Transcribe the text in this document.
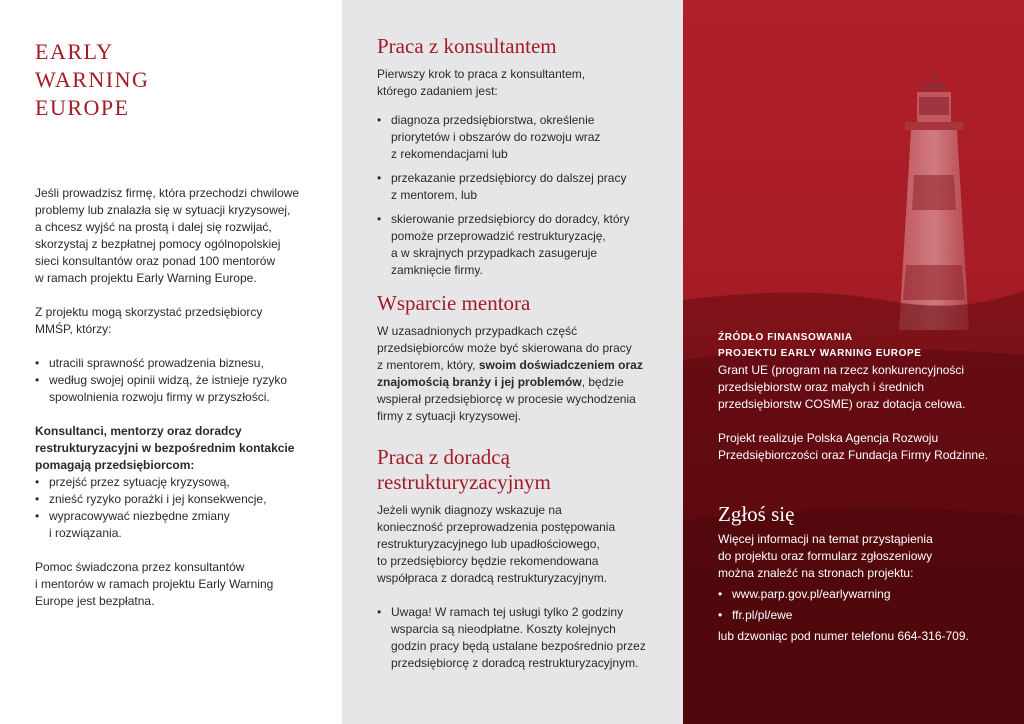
EARLY
WARNING
EUROPE

Jeśli prowadzisz firmę, która przechodzi chwilowe
problemy lub znalazła się w sytuacji kryzysowej,
a chcesz wyjść na prostą i dalej się rozwijać,
skorzystaj z bezpłatnej pomocy ogólnopolskiej
sieci konsultantów oraz ponad 100 mentorów
w ramach projektu Early Warning Europe.

Z projektu mogą skorzystać przedsiębiorcy
MMŚP, którzy:

• utracili sprawność prowadzenia biznesu,
• według swojej opinii widzą, że istnieje ryzyko
spowolnienia rozwoju firmy w przyszłości.

Konsultanci, mentorzy oraz doradcy
restrukturyzacyjni w bezpośrednim kontakcie
pomagają przedsiębiorcom:

• przejść przez sytuację kryzysową,
• znieść ryzyko porażki i jej konsekwencje,
• wypracowywać niezbędne zmiany
i rozwiązania.

Pomoc świadczona przez konsultantów
i mentorów w ramach projektu Early Warning
Europe jest bezpłatna.

Praca z konsultantem

Pierwszy krok to praca z konsultantem,
którego zadaniem jest:

• diagnoza przedsiębiorstwa, określenie
priorytetów i obszarów do rozwoju wraz
z rekomendacjami lub
• przekazanie przedsiębiorcy do dalszej pracy
z mentorem, lub
• skierowanie przedsiębiorcy do doradcy, który
pomoże przeprowadzić restrukturyzację,
a w skrajnych przypadkach zasugeruje
zamknięcie firmy.
Wsparcie mentora

W uzasadnionych przypadkach część
przedsiębiorców może być skierowana do pracy
z mentorem, który, swoim doświadczeniem oraz
znajomością branży i jej problemów, będzie
wspierał przedsiębiorcę w procesie wychodzenia
firmy z sytuacji kryzysowej.

Praca z doradcą
restrukturyzacyjnym

Jeżeli wynik diagnozy wskazuje na
konieczność przeprowadzenia postępowania
restrukturyzacyjnego lub upadłościowego,
to przedsiębiorcy będzie rekomendowana
współpraca z doradcą restrukturyzacyjnym.

• Uwaga! W ramach tej usługi tylko 2 godziny
wsparcia są nieodpłatne. Koszty kolejnych
godzin pracy będą ustalane bezpośrednio przez
przedsiębiorcę z doradcą restrukturyzacyjnym.

ŹRÓDŁO FINANSOWANIA
PROJEKTU EARLY WARNING EUROPE

Grant UE (program na rzecz konkurencyjności
przedsiębiorstw oraz małych i średnich
przedsiębiorstw COSME) oraz dotacja celowa.

Projekt realizuje Polska Agencja Rozwoju
Przedsiębiorczości oraz Fundacja Firmy Rodzinne.

Zgłoś się

Więcej informacji na temat przystąpienia
do projektu oraz formularz zgłoszeniowy
można znaleźć na stronach projektu:

• www.parp.gov.pl/earlywarning
• ffr.pl/pl/ewe

lub dzwoniąc pod numer telefonu 664-316-709.
